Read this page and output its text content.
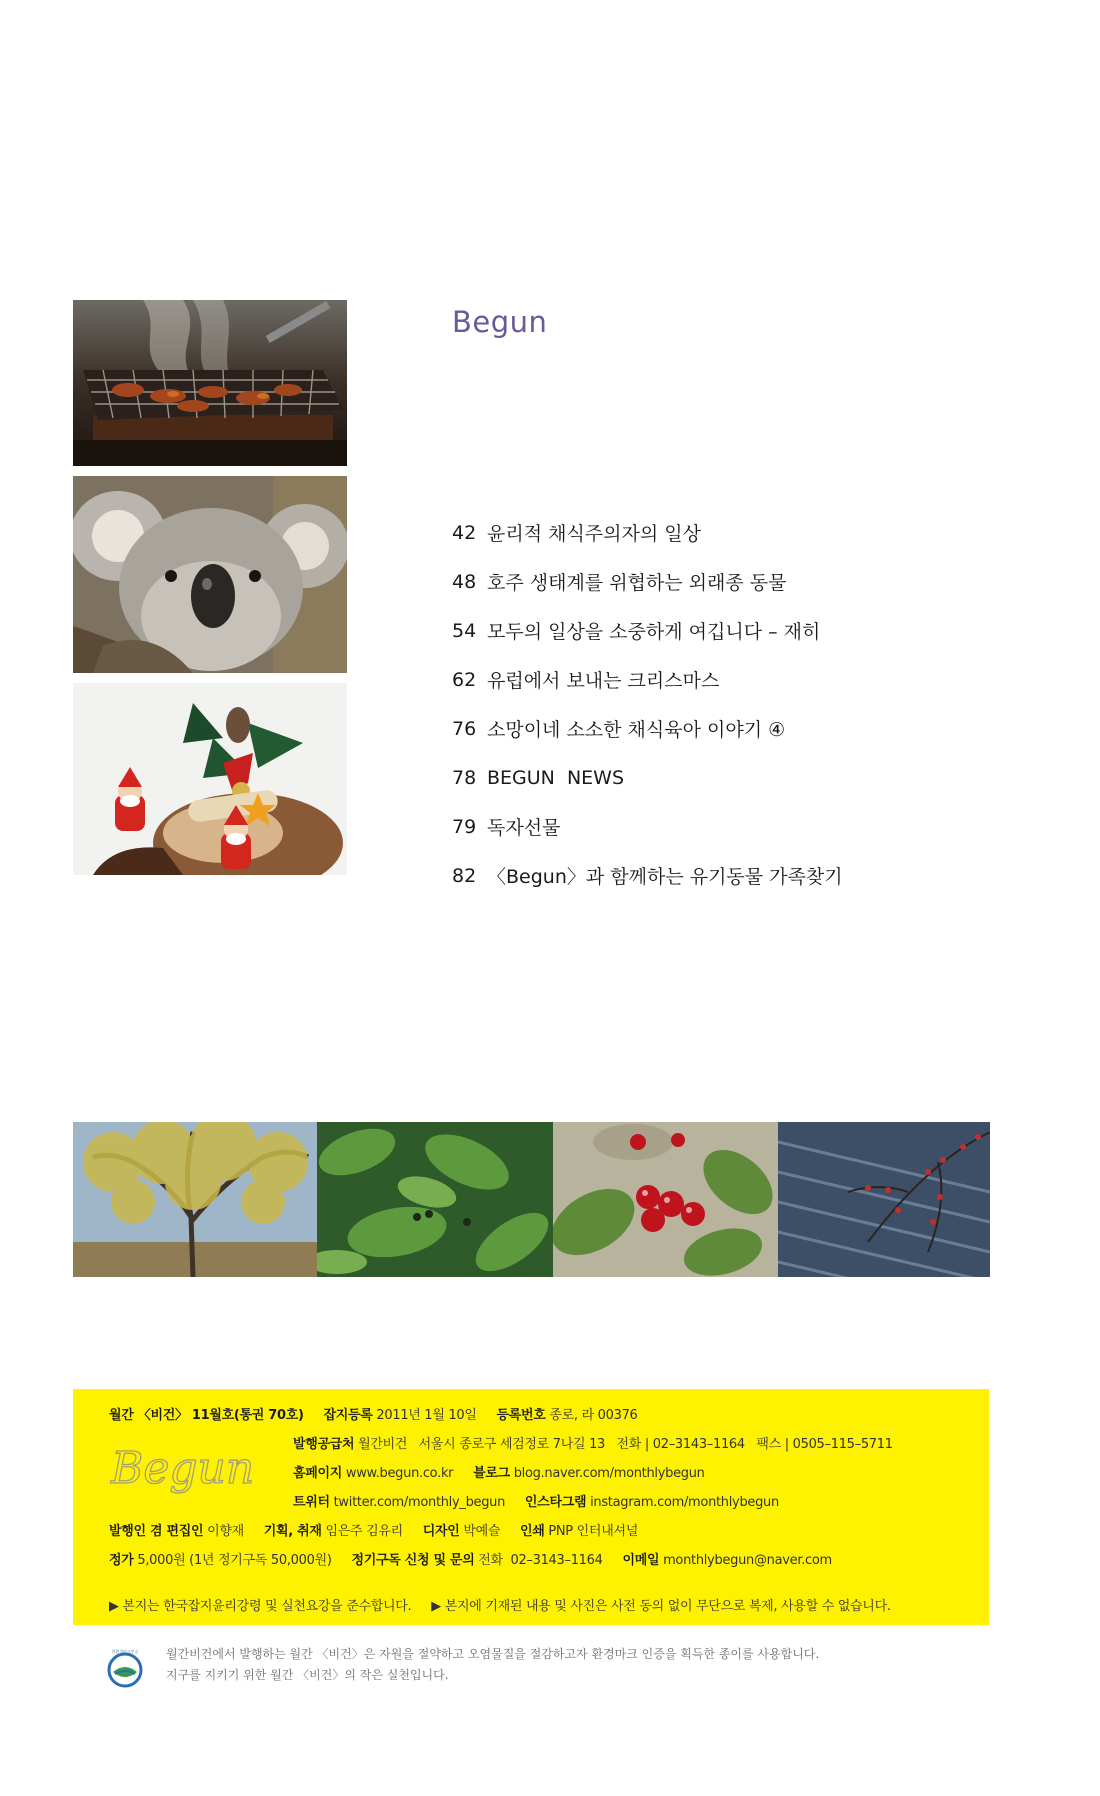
Begun
42 윤리적 채식주의자의 일상
48 호주 생태계를 위협하는 외래종 동물
54 모두의 일상을 소중하게 여깁니다 – 재히
62 유럽에서 보내는 크리스마스
76 소망이네 소소한 채식육아 이야기 ④
78 BEGUN  NEWS
79 독자선물
82 〈Begun〉과 함께하는 유기동물 가족찾기
월간 〈비건〉 11월호(통권 70호) 잡지등록 2011년 1월 10일 등록번호 종로, 라 00376
Begun	발행공급처 월간비건   서울시 종로구 세검정로 7나길 13   전화 | 02–3143–1164   팩스 | 0505–115–5711
홈페이지 www.begun.co.kr 블로그 blog.naver.com/monthlybegun
트위터 twitter.com/monthly_begun 인스타그램 instagram.com/monthlybegun
발행인 겸 편집인 이향재 기획, 취재 임은주 김유리 디자인 박예슬 인쇄 PNP 인터내셔널
정가 5,000원 (1년 정기구독 50,000원) 정기구독 신청 및 문의 전화  02–3143–1164 이메일 monthlybegun@naver.com
▶ 본지는 한국잡지윤리강령 및 실천요강을 준수합니다. ▶ 본지에 기재된 내용 및 사진은 사전 동의 없이 무단으로 복제, 사용할 수 없습니다.
친환경마크인증 월간비건에서 발행하는 월간 〈비건〉은 자원을 절약하고 오염물질을 절감하고자 환경마크 인증을 획득한 종이를 사용합니다.
지구를 지키기 위한 월간 〈비건〉의 작은 실천입니다.
